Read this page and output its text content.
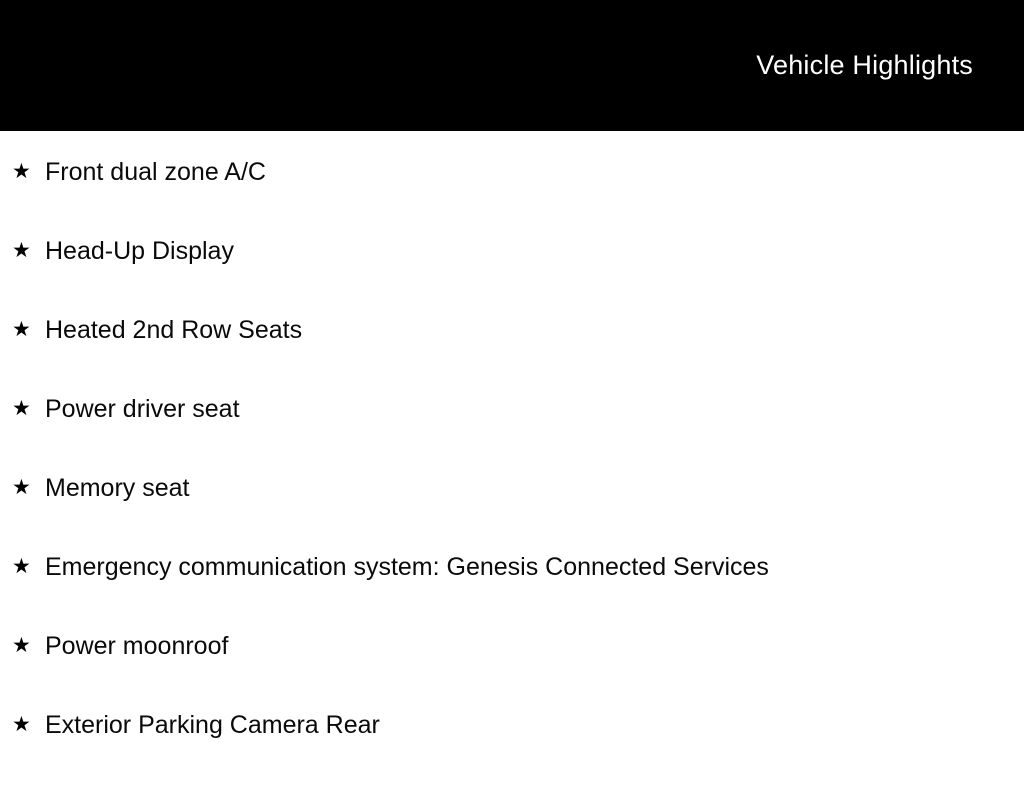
Vehicle Highlights
★ Front dual zone A/C
★ Head-Up Display
★ Heated 2nd Row Seats
★ Power driver seat
★ Memory seat
★ Emergency communication system: Genesis Connected Services
★ Power moonroof
★ Exterior Parking Camera Rear
